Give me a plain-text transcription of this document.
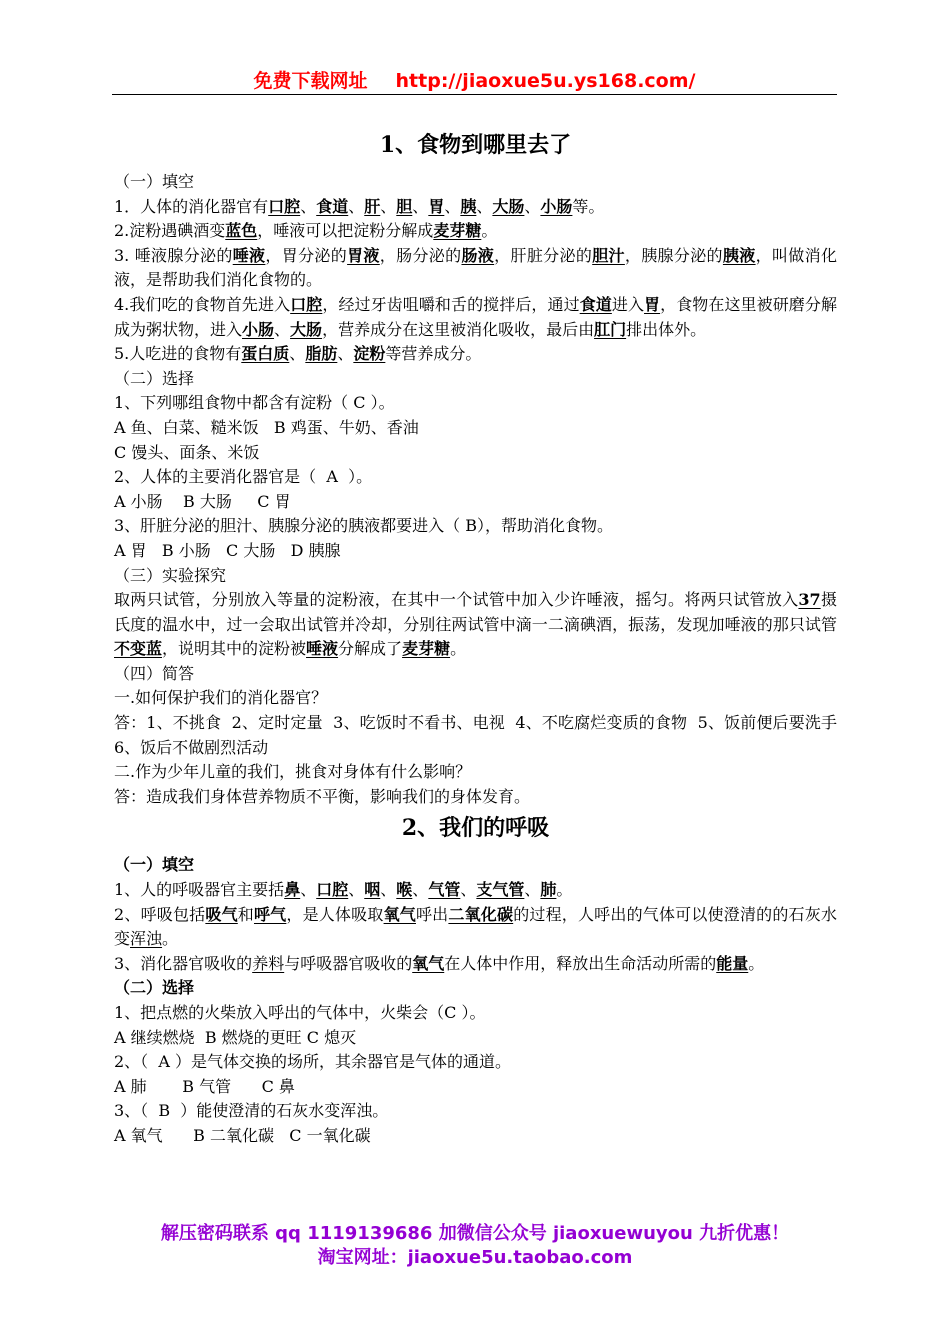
免费下载网址 http://jiaoxue5u.ys168.com/
1、食物到哪里去了

（一）填空

1．人体的消化器官有口腔、食道、肝、胆、胃、胰、大肠、小肠等。

2.淀粉遇碘酒变蓝色，唾液可以把淀粉分解成麦芽糖。

3. 唾液腺分泌的唾液，胃分泌的胃液，肠分泌的肠液，肝脏分泌的胆汁，胰腺分泌的胰液，叫做消化液，是帮助我们消化食物的。

4.我们吃的食物首先进入口腔，经过牙齿咀嚼和舌的搅拌后，通过食道进入胃，食物在这里被研磨分解成为粥状物，进入小肠、大肠，营养成分在这里被消化吸收，最后由肛门排出体外。

5.人吃进的食物有蛋白质、脂肪、淀粉等营养成分。

（二）选择

1、下列哪组食物中都含有淀粉（ C ）。

A 鱼、白菜、糙米饭   B 鸡蛋、牛奶、香油

C 馒头、面条、米饭

2、人体的主要消化器官是（  A  ）。

A 小肠    B 大肠     C 胃

3、肝脏分泌的胆汁、胰腺分泌的胰液都要进入（ B），帮助消化食物。

A 胃   B 小肠   C 大肠   D 胰腺

（三）实验探究

取两只试管，分别放入等量的淀粉液，在其中一个试管中加入少许唾液，摇匀。将两只试管放入37摄氏度的温水中，过一会取出试管并冷却，分别往两试管中滴一二滴碘酒，振荡，发现加唾液的那只试管不变蓝，说明其中的淀粉被唾液分解成了麦芽糖。

（四）简答

一.如何保护我们的消化器官？

答：1、不挑食  2、定时定量  3、吃饭时不看书、电视  4、不吃腐烂变质的食物  5、饭前便后要洗手  6、饭后不做剧烈活动

二.作为少年儿童的我们，挑食对身体有什么影响？

答：造成我们身体营养物质不平衡，影响我们的身体发育。

2、我们的呼吸

（一）填空

1、人的呼吸器官主要括鼻、口腔、咽、喉、气管、支气管、肺。

2、呼吸包括吸气和呼气，是人体吸取氧气呼出二氧化碳的过程，人呼出的气体可以使澄清的的石灰水变浑浊。

3、消化器官吸收的养料与呼吸器官吸收的氧气在人体中作用，释放出生命活动所需的能量。

（二）选择

1、把点燃的火柴放入呼出的气体中，火柴会（C ）。

A 继续燃烧  B 燃烧的更旺 C 熄灭

2、（  A ）是气体交换的场所，其余器官是气体的通道。

A 肺       B 气管      C 鼻

3、（  B  ）能使澄清的石灰水变浑浊。

A 氧气      B 二氧化碳   C 一氧化碳

解压密码联系 qq 1119139686 加微信公众号 jiaoxuewuyou 九折优惠！
淘宝网址：jiaoxue5u.taobao.com
